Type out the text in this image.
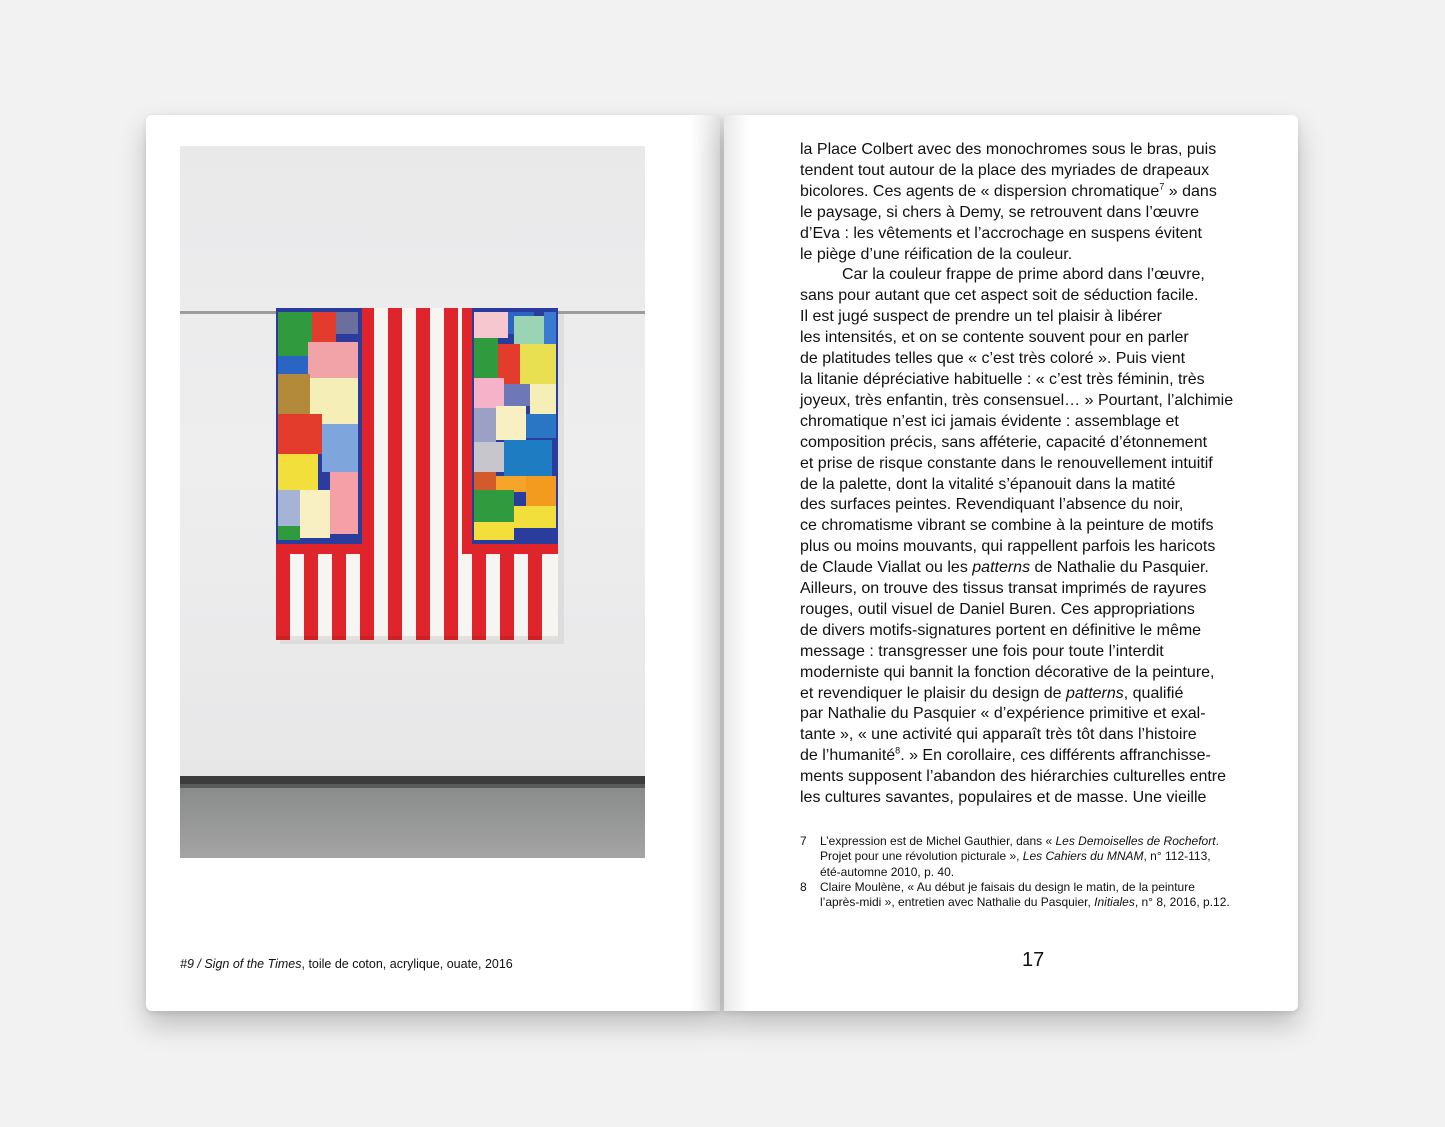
#9 / Sign of the Times, toile de coton, acrylique, ouate, 2016
la Place Colbert avec des monochromes sous le bras, puis
tendent tout autour de la place des myriades de drapeaux
bicolores. Ces agents de « dispersion chromatique$^7$ » dans
le paysage, si chers à Demy, se retrouvent dans l’œuvre
d’Eva : les vêtements et l’accrochage en suspens évitent
le piège d’une réification de la couleur.
Car la couleur frappe de prime abord dans l’œuvre,
sans pour autant que cet aspect soit de séduction facile.
Il est jugé suspect de prendre un tel plaisir à libérer
les intensités, et on se contente souvent pour en parler
de platitudes telles que « c’est très coloré ». Puis vient
la litanie dépréciative habituelle : « c’est très féminin, très
joyeux, très enfantin, très consensuel… » Pourtant, l’alchimie
chromatique n’est ici jamais évidente : assemblage et
composition précis, sans afféterie, capacité d’étonnement
et prise de risque constante dans le renouvellement intuitif
de la palette, dont la vitalité s’épanouit dans la matité
des surfaces peintes. Revendiquant l’absence du noir,
ce chromatisme vibrant se combine à la peinture de motifs
plus ou moins mouvants, qui rappellent parfois les haricots
de Claude Viallat ou les patterns de Nathalie du Pasquier.
Ailleurs, on trouve des tissus transat imprimés de rayures
rouges, outil visuel de Daniel Buren. Ces appropriations
de divers motifs-signatures portent en définitive le même
message : transgresser une fois pour toute l’interdit
moderniste qui bannit la fonction décorative de la peinture,
et revendiquer le plaisir du design de patterns, qualifié
par Nathalie du Pasquier « d’expérience primitive et exal-
tante », « une activité qui apparaît très tôt dans l’histoire
de l’humanité$^8$. » En corollaire, ces différents affranchisse-
ments supposent l’abandon des hiérarchies culturelles entre
les cultures savantes, populaires et de masse. Une vieille
7 L’expression est de Michel Gauthier, dans « Les Demoiselles de Rochefort.
Projet pour une révolution picturale », Les Cahiers du MNAM, n° 112-113,
été-automne 2010, p. 40.
8 Claire Moulène, « Au début je faisais du design le matin, de la peinture
l’après-midi », entretien avec Nathalie du Pasquier, Initiales, n° 8, 2016, p.12.
17
